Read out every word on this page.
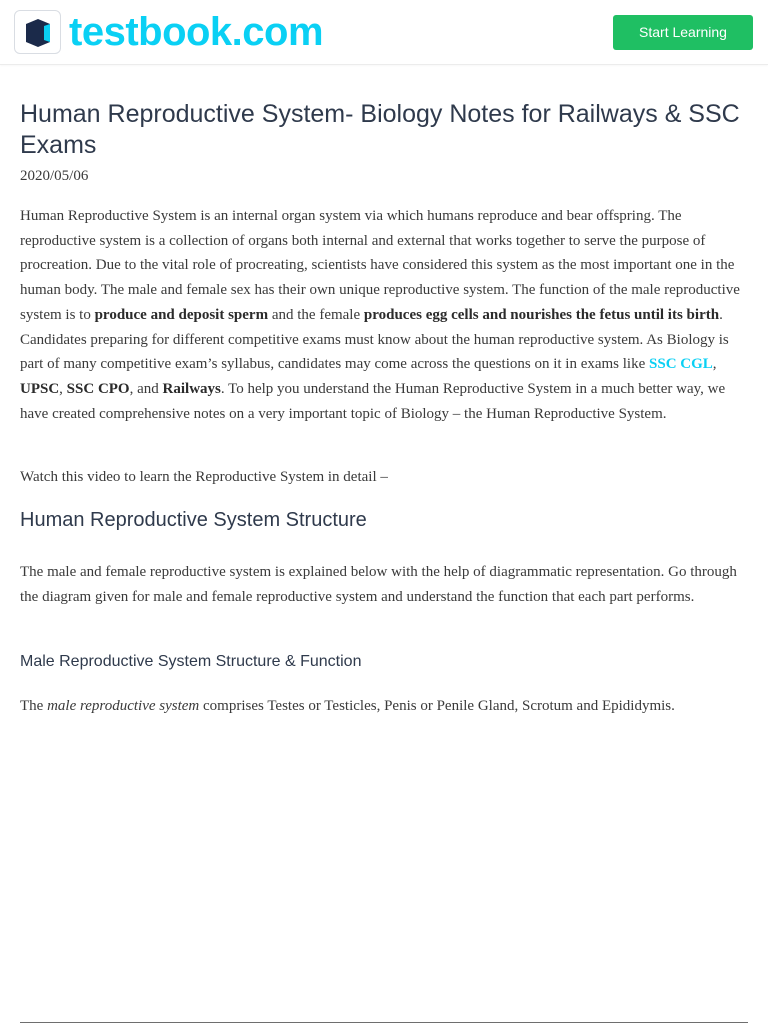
testbook.com	Start Learning
Human Reproductive System- Biology Notes for Railways & SSC Exams
2020/05/06

Human Reproductive System is an internal organ system via which humans reproduce and bear offspring. The reproductive system is a collection of organs both internal and external that works together to serve the purpose of procreation. Due to the vital role of procreating, scientists have considered this system as the most important one in the human body. The male and female sex has their own unique reproductive system. The function of the male reproductive system is to produce and deposit sperm and the female produces egg cells and nourishes the fetus until its birth. Candidates preparing for different competitive exams must know about the human reproductive system. As Biology is part of many competitive exam’s syllabus, candidates may come across the questions on it in exams like SSC CGL, UPSC, SSC CPO, and Railways. To help you understand the Human Reproductive System in a much better way, we have created comprehensive notes on a very important topic of Biology – the Human Reproductive System.

Watch this video to learn the Reproductive System in detail –

Human Reproductive System Structure

The male and female reproductive system is explained below with the help of diagrammatic representation. Go through the diagram given for male and female reproductive system and understand the function that each part performs.

Male Reproductive System Structure & Function

The male reproductive system comprises Testes or Testicles, Penis or Penile Gland, Scrotum and Epididymis.
